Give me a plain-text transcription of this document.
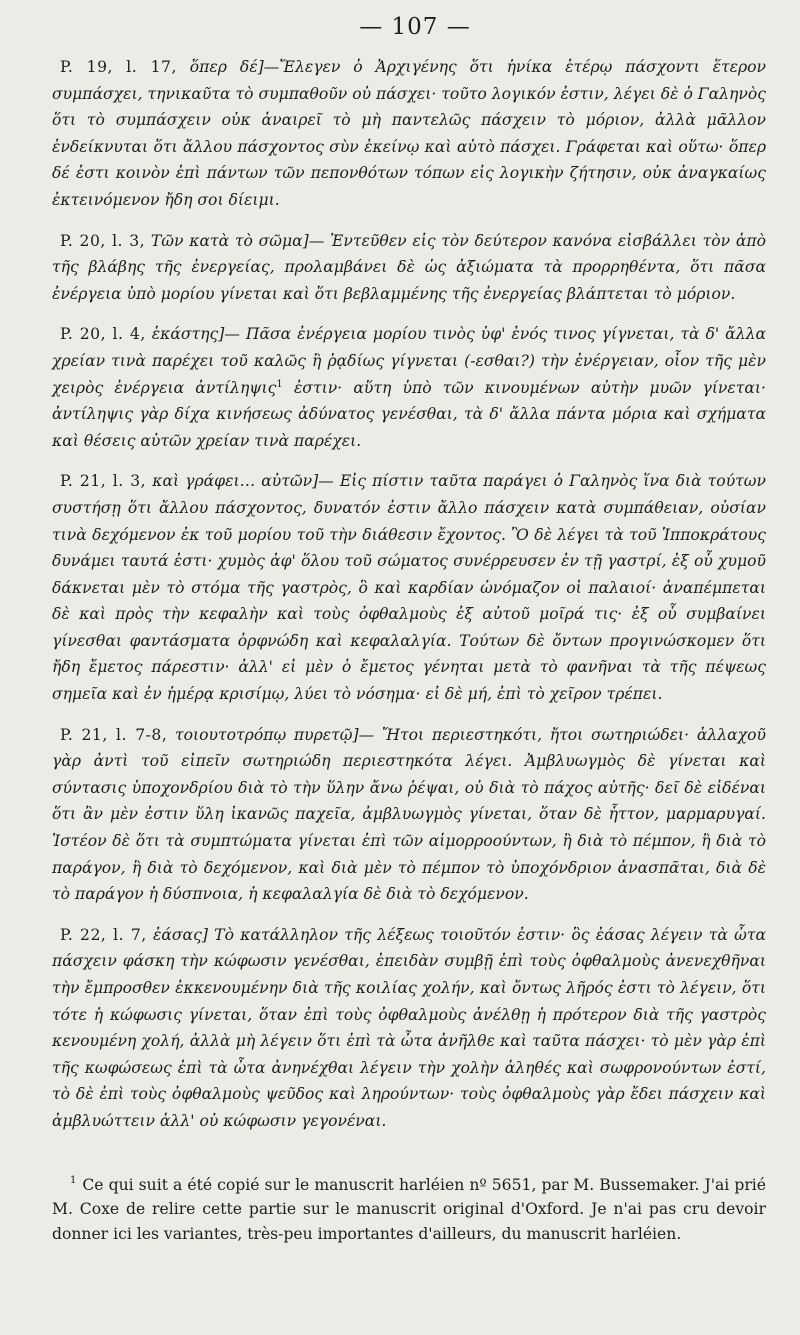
— 107 —

P. 19, l. 17, ὅπερ δέ]—Ἔλεγεν ὁ Ἀρχιγένης ὅτι ἡνίκα ἑτέρῳ πάσχοντι ἕτερον συμπάσχει, τηνικαῦτα τὸ συμπαθοῦν οὐ πάσχει· τοῦτο λογικόν ἐστιν, λέγει δὲ ὁ Γαληνὸς ὅτι τὸ συμπάσχειν οὐκ ἀναιρεῖ τὸ μὴ παντελῶς πάσχειν τὸ μόριον, ἀλλὰ μᾶλλον ἐνδείκνυται ὅτι ἄλλου πάσχοντος σὺν ἐκείνῳ καὶ αὐτὸ πάσχει. Γράφεται καὶ οὕτω· ὅπερ δέ ἐστι κοινὸν ἐπὶ πάντων τῶν πεπονθότων τόπων εἰς λογικὴν ζήτησιν, οὐκ ἀναγκαίως ἐκτεινόμενον ἤδη σοι δίειμι.

P. 20, l. 3, Τῶν κατὰ τὸ σῶμα]— Ἐντεῦθεν εἰς τὸν δεύτερον κανόνα εἰσβάλλει τὸν ἀπὸ τῆς βλάβης τῆς ἐνεργείας, προλαμβάνει δὲ ὡς ἀξιώματα τὰ προρρηθέντα, ὅτι πᾶσα ἐνέργεια ὑπὸ μορίου γίνεται καὶ ὅτι βεβλαμμένης τῆς ἐνεργείας βλάπτεται τὸ μόριον.

P. 20, l. 4, ἑκάστης]— Πᾶσα ἐνέργεια μορίου τινὸς ὑφ' ἑνός τινος γίγνεται, τὰ δ' ἄλλα χρείαν τινὰ παρέχει τοῦ καλῶς ἢ ῥᾳδίως γίγνεται (-εσθαι?) τὴν ἐνέργειαν, οἷον τῆς μὲν χειρὸς ἐνέργεια ἀντίληψις$^1$ ἐστιν· αὕτη ὑπὸ τῶν κινουμένων αὐτὴν μυῶν γίνεται· ἀντίληψις γὰρ δίχα κινήσεως ἀδύνατος γενέσθαι, τὰ δ' ἄλλα πάντα μόρια καὶ σχήματα καὶ θέσεις αὐτῶν χρείαν τινὰ παρέχει.

P. 21, l. 3, καὶ γράφει… αὐτῶν]— Εἰς πίστιν ταῦτα παράγει ὁ Γαληνὸς ἵνα διὰ τούτων συστήσῃ ὅτι ἄλλου πάσχοντος, δυνατόν ἐστιν ἄλλο πάσχειν κατὰ συμπάθειαν, οὐσίαν τινὰ δεχόμενον ἐκ τοῦ μορίου τοῦ τὴν διάθεσιν ἔχοντος. Ὃ δὲ λέγει τὰ τοῦ Ἱπποκράτους δυνάμει ταυτά ἐστι· χυμὸς ἀφ' ὅλου τοῦ σώματος συνέρρευσεν ἐν τῇ γαστρί, ἐξ οὗ χυμοῦ δάκνεται μὲν τὸ στόμα τῆς γαστρὸς, ὃ καὶ καρδίαν ὠνόμαζον οἱ παλαιοί· ἀναπέμπεται δὲ καὶ πρὸς τὴν κεφαλὴν καὶ τοὺς ὀφθαλμοὺς ἐξ αὐτοῦ μοῖρά τις· ἐξ οὗ συμβαίνει γίνεσθαι φαντάσματα ὀρφνώδη καὶ κεφαλαλγία. Τούτων δὲ ὄντων προγινώσκομεν ὅτι ἤδη ἔμετος πάρεστιν· ἀλλ' εἰ μὲν ὁ ἔμετος γένηται μετὰ τὸ φανῆναι τὰ τῆς πέψεως σημεῖα καὶ ἐν ἡμέρᾳ κρισίμῳ, λύει τὸ νόσημα· εἰ δὲ μή, ἐπὶ τὸ χεῖρον τρέπει.

P. 21, l. 7-8, τοιουτοτρόπῳ πυρετῷ]— Ἤτοι περιεστηκότι, ἤτοι σωτηριώδει· ἀλλαχοῦ γὰρ ἀντὶ τοῦ εἰπεῖν σωτηριώδη περιεστηκότα λέγει. Ἀμβλυωγμὸς δὲ γίνεται καὶ σύντασις ὑποχονδρίου διὰ τὸ τὴν ὕλην ἄνω ῥέψαι, οὐ διὰ τὸ πάχος αὐτῆς· δεῖ δὲ εἰδέναι ὅτι ἂν μὲν ἐστιν ὕλη ἱκανῶς παχεῖα, ἀμβλυωγμὸς γίνεται, ὅταν δὲ ἧττον, μαρμαρυγαί. Ἰστέον δὲ ὅτι τὰ συμπτώματα γίνεται ἐπὶ τῶν αἱμορροούντων, ἢ διὰ τὸ πέμπον, ἢ διὰ τὸ παράγον, ἢ διὰ τὸ δεχόμενον, καὶ διὰ μὲν τὸ πέμπον τὸ ὑποχόνδριον ἀνασπᾶται, διὰ δὲ τὸ παράγον ἡ δύσπνοια, ἡ κεφαλαλγία δὲ διὰ τὸ δεχόμενον.

P. 22, l. 7, ἐάσας] Τὸ κατάλληλον τῆς λέξεως τοιοῦτόν ἐστιν· ὃς ἐάσας λέγειν τὰ ὦτα πάσχειν φάσκη τὴν κώφωσιν γενέσθαι, ἐπειδὰν συμβῇ ἐπὶ τοὺς ὀφθαλμοὺς ἀνενεχθῆναι τὴν ἔμπροσθεν ἐκκενουμένην διὰ τῆς κοιλίας χολήν, καὶ ὄντως λῆρός ἐστι τὸ λέγειν, ὅτι τότε ἡ κώφωσις γίνεται, ὅταν ἐπὶ τοὺς ὀφθαλμοὺς ἀνέλθῃ ἡ πρότερον διὰ τῆς γαστρὸς κενουμένη χολή, ἀλλὰ μὴ λέγειν ὅτι ἐπὶ τὰ ὦτα ἀνῆλθε καὶ ταῦτα πάσχει· τὸ μὲν γὰρ ἐπὶ τῆς κωφώσεως ἐπὶ τὰ ὦτα ἀνηνέχθαι λέγειν τὴν χολὴν ἀληθές καὶ σωφρονούντων ἐστί, τὸ δὲ ἐπὶ τοὺς ὀφθαλμοὺς ψεῦδος καὶ ληρούντων· τοὺς ὀφθαλμοὺς γὰρ ἔδει πάσχειν καὶ ἀμβλυώττειν ἀλλ' οὐ κώφωσιν γεγονέναι.

$^1$ Ce qui suit a été copié sur le manuscrit harléien nº 5651, par M. Bussemaker. J'ai prié M. Coxe de relire cette partie sur le manuscrit original d'Oxford. Je n'ai pas cru devoir donner ici les variantes, très-peu importantes d'ailleurs, du manuscrit harléien.
